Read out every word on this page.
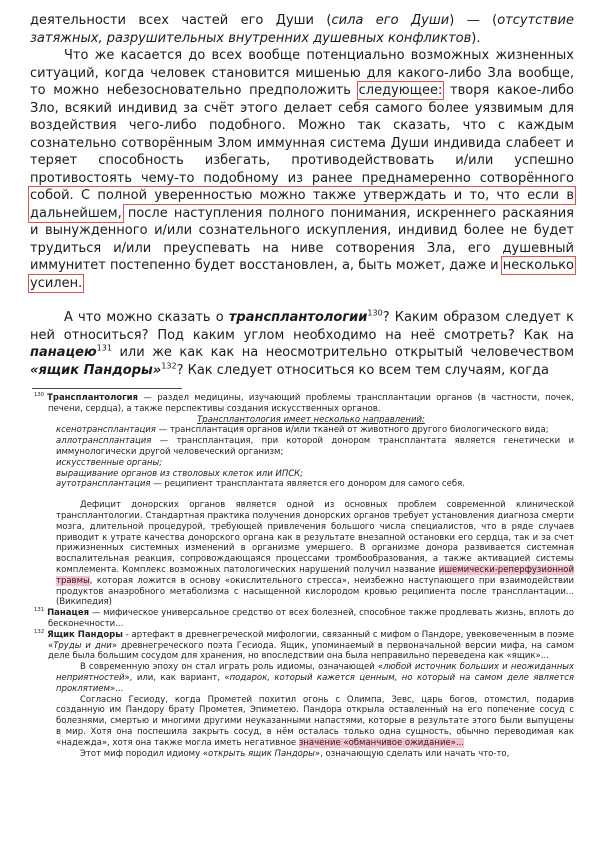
деятельности всех частей его Души (сила его Души) — (отсутствие затяжных, разрушительных внутренних душевных конфликтов).

Что же касается до всех вообще потенциально возможных жизненных ситуаций, когда человек становится мишенью для какого-либо Зла вообще, то можно небезосновательно предположить следующее: творя какое-либо Зло, всякий индивид за счёт этого делает себя самого более уязвимым для воздействия чего-либо подобного. Можно так сказать, что с каждым сознательно сотворённым Злом иммунная система Души индивида слабеет и теряет способность избегать, противодействовать и/или успешно противостоять чему-то подобному из ранее преднамеренно сотворённого собой. С полной уверенностью можно также утверждать и то, что если в дальнейшем, после наступления полного понимания, искреннего раскаяния и вынужденного и/или сознательного искупления, индивид более не будет трудиться и/или преуспевать на ниве сотворения Зла, его душевный иммунитет постепенно будет восстановлен, а, быть может, даже и несколько усилен.

А что можно сказать о трансплантологии$^{130}$? Каким образом следует к ней относиться? Под каким углом необходимо на неё смотреть? Как на панацею$^{131}$ или же как как на неосмотрительно открытый человечеством «ящик Пандоры»$^{132}$? Как следует относиться ко всем тем случаям, когда

$^{130}$ Трансплантология — раздел медицины, изучающий проблемы трансплантации органов (в частности, почек, печени, сердца), а также перспективы создания искусственных органов.
Трансплантология имеет несколько направлений:
ксенотрансплантация — трансплантация органов и/или тканей от животного другого биологического вида;
аллотрансплантация — трансплантация, при которой донором трансплантата является генетически и иммунологически другой человеческий организм;
искусственные органы;
выращивание органов из стволовых клеток или ИПСК;
аутотрансплантация — реципиент трансплантата является его донором для самого себя.
Дефицит донорских органов является одной из основных проблем современной клинической трансплантологии. Стандартная практика получения донорских органов требует установления диагноза смерти мозга, длительной процедурой, требующей привлечения большого числа специалистов, что в ряде случаев приводит к утрате качества донорского органа как в результате внезапной остановки его сердца, так и за счет прижизненных системных изменений в организме умершего. В организме донора развивается системная воспалительная реакция, сопровождающаяся процессами тромбообразования, а также активацией системы комплемента. Комплекс возможных патологических нарушений получил название ишемически-реперфузионной травмы, которая ложится в основу «окислительного стресса», неизбежно наступающего при взаимодействии продуктов анаэробного метаболизма с насыщенной кислородом кровью реципиента после трансплантации... (Википедия)
$^{131}$ Панацея — мифическое универсальное средство от всех болезней, способное также продлевать жизнь, вплоть до бесконечности...
$^{132}$ Ящик Пандоры - артефакт в древнегреческой мифологии, связанный с мифом о Пандоре, увековеченным в поэме «Труды и дни» древнегреческого поэта Гесиода. Ящик, упоминаемый в первоначальной версии мифа, на самом деле была большим сосудом для хранения, но впоследствии она была неправильно переведена как «ящик»...
В современную эпоху он стал играть роль идиомы, означающей «любой источник больших и неожиданных неприятностей», или, как вариант, «подарок, который кажется ценным, но который на самом деле является проклятием»...
Согласно Гесиоду, когда Прометей похитил огонь с Олимпа, Зевс, царь богов, отомстил, подарив созданную им Пандору брату Прометея, Эпиметею. Пандора открыла оставленный на его попечение сосуд с болезнями, смертью и многими другими неуказанными напастями, которые в результате этого были выпущены в мир. Хотя она поспешила закрыть сосуд, в нём осталась только одна сущность, обычно переводимая как «надежда», хотя она также могла иметь негативное значение «обманчивое ожидание»...
Этот миф породил идиому «открыть ящик Пандоры», означающую сделать или начать что-то,
